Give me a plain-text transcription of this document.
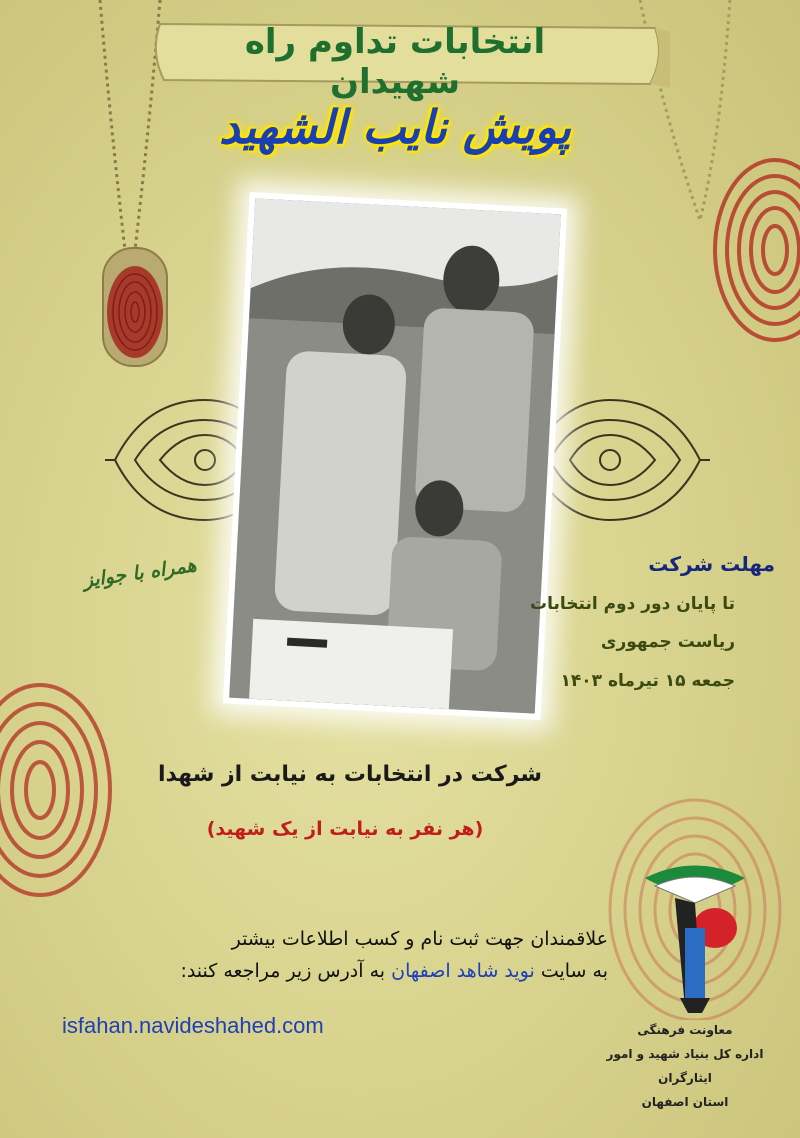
انتخابات تداوم راه شهیدان
پویش نایب الشهید
همراه با جوایز	مهلت شرکت
تا پایان دور دوم انتخابات
ریاست جمهوری
جمعه ۱۵ تیرماه ۱۴۰۳
شرکت در انتخابات به نیابت از شهدا
(هر نفر به نیابت از یک شهید)
علاقمندان جهت ثبت نام و کسب اطلاعات بیشتر
به سایت نوید شاهد اصفهان به آدرس زیر مراجعه کنند:
isfahan.navideshahed.com	معاونت فرهنگی
اداره کل بنیاد شهید و امور ایثارگران
استان اصفهان
